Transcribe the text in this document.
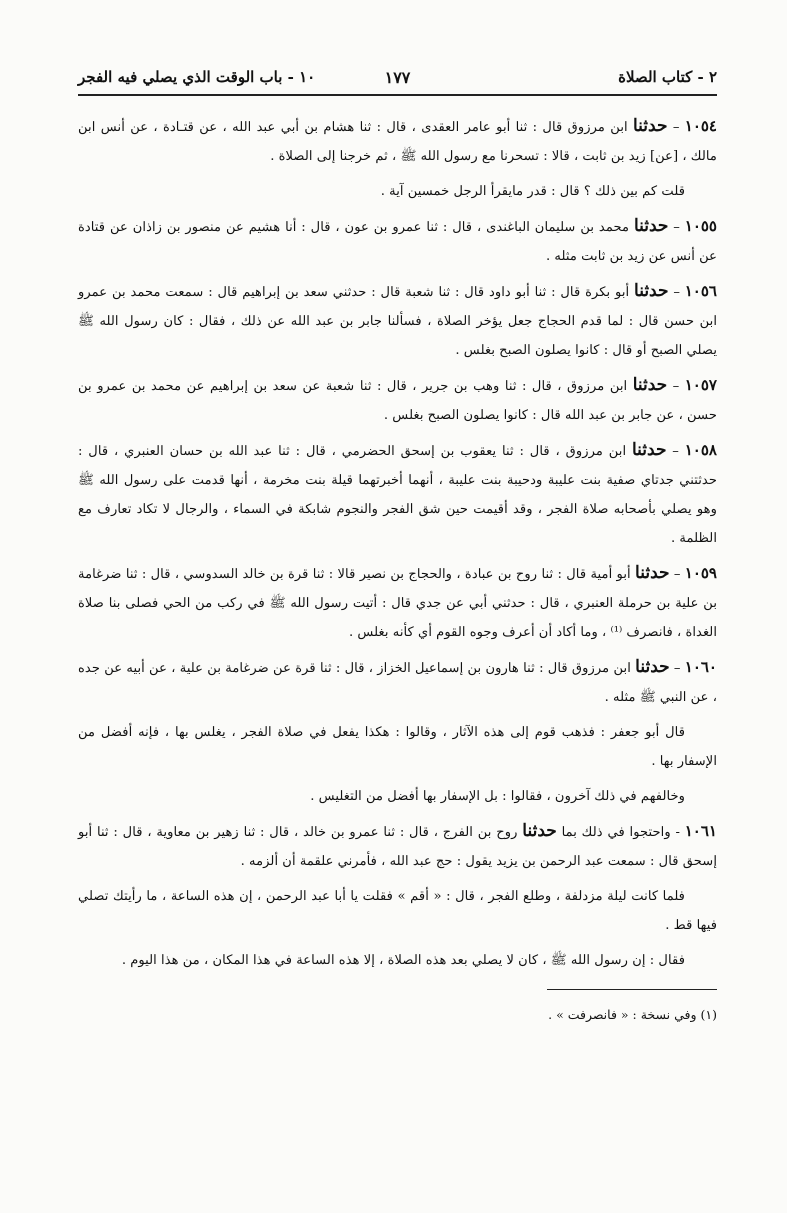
١٠ - باب الوقت الذي يصلي فيه الفجر	١٧٧	٢ - كتاب الصلاة
١٠٥٤ – حدثنا ابن مرزوق قال : ثنا أبو عامر العقدى ، قال : ثنا هشام بن أبي عبد الله ، عن قتـادة ، عن أنس ابن مالك ، [عن] زيد بن ثابت ، قالا : تسحرنا مع رسول الله ﷺ ، ثم خرجنا إلى الصلاة .
قلت كم بين ذلك ؟ قال : قدر مايقرأ الرجل خمسين آية .
١٠٥٥ – حدثنا محمد بن سليمان الباغندى ، قال : ثنا عمرو بن عون ، قال : أنا هشيم عن منصور بن زاذان عن قتادة عن أنس عن زيد بن ثابت مثله .
١٠٥٦ – حدثنا أبو بكرة قال : ثنا أبو داود قال : ثنا شعبة قال : حدثني سعد بن إبراهيم قال : سمعت محمد بن عمرو ابن حسن قال : لما قدم الحجاج جعل يؤخر الصلاة ، فسألنا جابر بن عبد الله عن ذلك ، فقال : كان رسول الله ﷺ يصلي الصبح أو قال : كانوا يصلون الصبح بغلس .
١٠٥٧ – حدثنا ابن مرزوق ، قال : ثنا وهب بن جرير ، قال : ثنا شعبة عن سعد بن إبراهيم عن محمد بن عمرو بن حسن ، عن جابر بن عبد الله قال : كانوا يصلون الصبح بغلس .
١٠٥٨ – حدثنا ابن مرزوق ، قال : ثنا يعقوب بن إسحق الحضرمي ، قال : ثنا عبد الله بن حسان العنبري ، قال : حدثتني جدتاي صفية بنت عليبة ودحيبة بنت عليبة ، أنهما أخبرتهما قيلة بنت مخرمة ، أنها قدمت على رسول الله ﷺ وهو يصلي بأصحابه صلاة الفجر ، وقد أقيمت حين شق الفجر والنجوم شابكة في السماء ، والرجال لا تكاد تعارف مع الظلمة .
١٠٥٩ – حدثنا أبو أمية قال : ثنا روح بن عبادة ، والحجاج بن نصير قالا : ثنا قرة بن خالد السدوسي ، قال : ثنا ضرغامة بن علية بن حرملة العنبري ، قال : حدثني أبي عن جدي قال : أتيت رسول الله ﷺ في ركب من الحي فصلى بنا صلاة الغداة ، فانصرف ⁽¹⁾ ، وما أكاد أن أعرف وجوه القوم أي كأنه بغلس .
١٠٦٠ – حدثنا ابن مرزوق قال : ثنا هارون بن إسماعيل الخزاز ، قال : ثنا قرة عن ضرغامة بن علية ، عن أبيه عن جده ، عن النبي ﷺ مثله .
قال أبو جعفر : فذهب قوم إلى هذه الآثار ، وقالوا : هكذا يفعل في صلاة الفجر ، يغلس بها ، فإنه أفضل من الإسفار بها .
وخالفهم في ذلك آخرون ، فقالوا : بل الإسفار بها أفضل من التغليس .
١٠٦١ - واحتجوا في ذلك بما حدثنا روح بن الفرج ، قال : ثنا عمرو بن خالد ، قال : ثنا زهير بن معاوية ، قال : ثنا أبو إسحق قال : سمعت عبد الرحمن بن يزيد يقول : حج عبد الله ، فأمرني علقمة أن ألزمه .
فلما كانت ليلة مزدلفة ، وطلع الفجر ، قال : « أقم » فقلت يا أبا عبد الرحمن ، إن هذه الساعة ، ما رأيتك تصلي فيها قط .
فقال : إن رسول الله ﷺ ، كان لا يصلي بعد هذه الصلاة ، إلا هذه الساعة في هذا المكان ، من هذا اليوم .
(١) وفي نسخة : « فانصرفت » .
